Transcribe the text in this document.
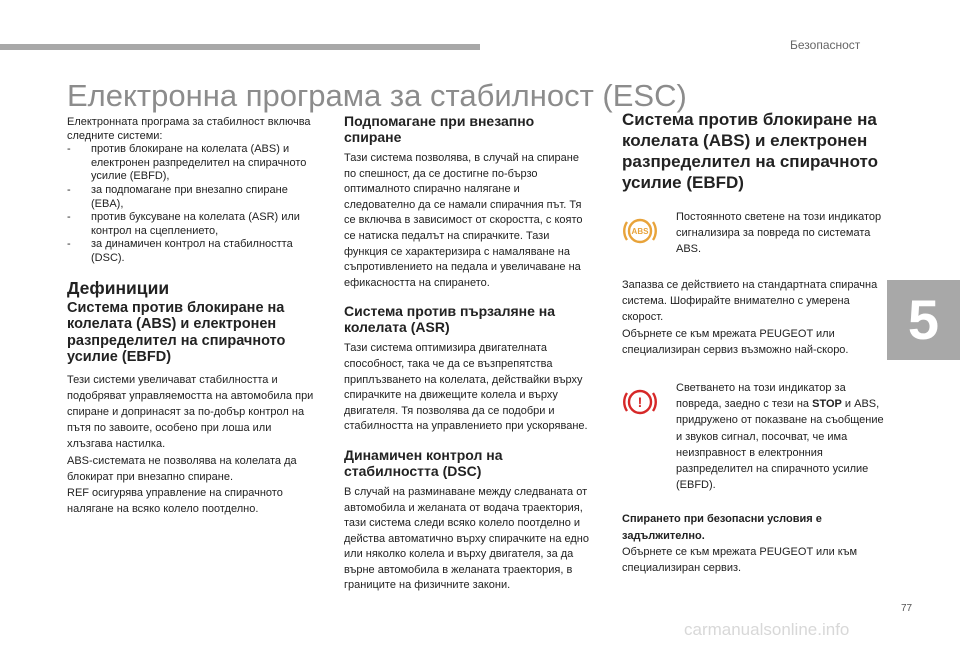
Безопасност
5
Електронна програма за стабилност (ESC)

Електронната програма за стабилност включва следните системи:

- против блокиране на колелата (ABS) и електронен разпределител на спирачното усилие (EBFD),
- за подпомагане при внезапно спиране (EBA),
- против буксуване на колелата (ASR) или контрол на сцеплението,
- за динамичен контрол на стабилността (DSC).
Дефиниции
Система против блокиране на колелата (ABS) и електронен разпределител на спирачното усилие (EBFD)

Тези системи увеличават стабилността и подобряват управляемостта на автомобила при спиране и допринасят за по-добър контрол на пътя по завоите, особено при лоша или хлъзгава настилка.

ABS-системата не позволява на колелата да блокират при внезапно спиране.

REF осигурява управление на спирачното налягане на всяко колело поотделно.

Подпомагане при внезапно спиране

Тази система позволява, в случай на спиране по спешност, да се достигне по-бързо оптималното спирачно налягане и следователно да се намали спирачния път. Тя се включва в зависимост от скоростта, с която се натиска педалът на спирачките. Тази функция се характеризира с намаляване на съпротивлението на педала и увеличаване на ефикасността на спирането.

Система против пързаляне на колелата (ASR)

Тази система оптимизира двигателната способност, така че да се възпрепятства приплъзването на колелата, действайки върху спирачките на движещите колела и върху двигателя. Тя позволява да се подобри и стабилността на управлението при ускоряване.

Динамичен контрол на стабилността (DSC)

В случай на разминаване между следваната от автомобила и желаната от водача траектория, тази система следи всяко колело поотделно и действа автоматично върху спирачките на едно или няколко колела и върху двигателя, за да върне автомобила в желаната траектория, в границите на физичните закони.

Система против блокиране на колелата (ABS) и електронен разпределител на спирачното усилие (EBFD)
ABS
Постоянното светене на този индикатор сигнализира за повреда по системата ABS.

Запазва се действието на стандартната спирачна система. Шофирайте внимателно с умерена скорост.

Обърнете се към мрежата PEUGEOT или специализиран сервиз възможно най-скоро.

!
Светването на този индикатор за повреда, заедно с тези на STOP и ABS, придружено от показване на съобщение и звуков сигнал, посочват, че има неизправност в електронния разпределител на спирачното усилие (EBFD).

Спирането при безопасни условия е задължително.

Обърнете се към мрежата PEUGEOT или към специализиран сервиз.

77
carmanualsonline.info
